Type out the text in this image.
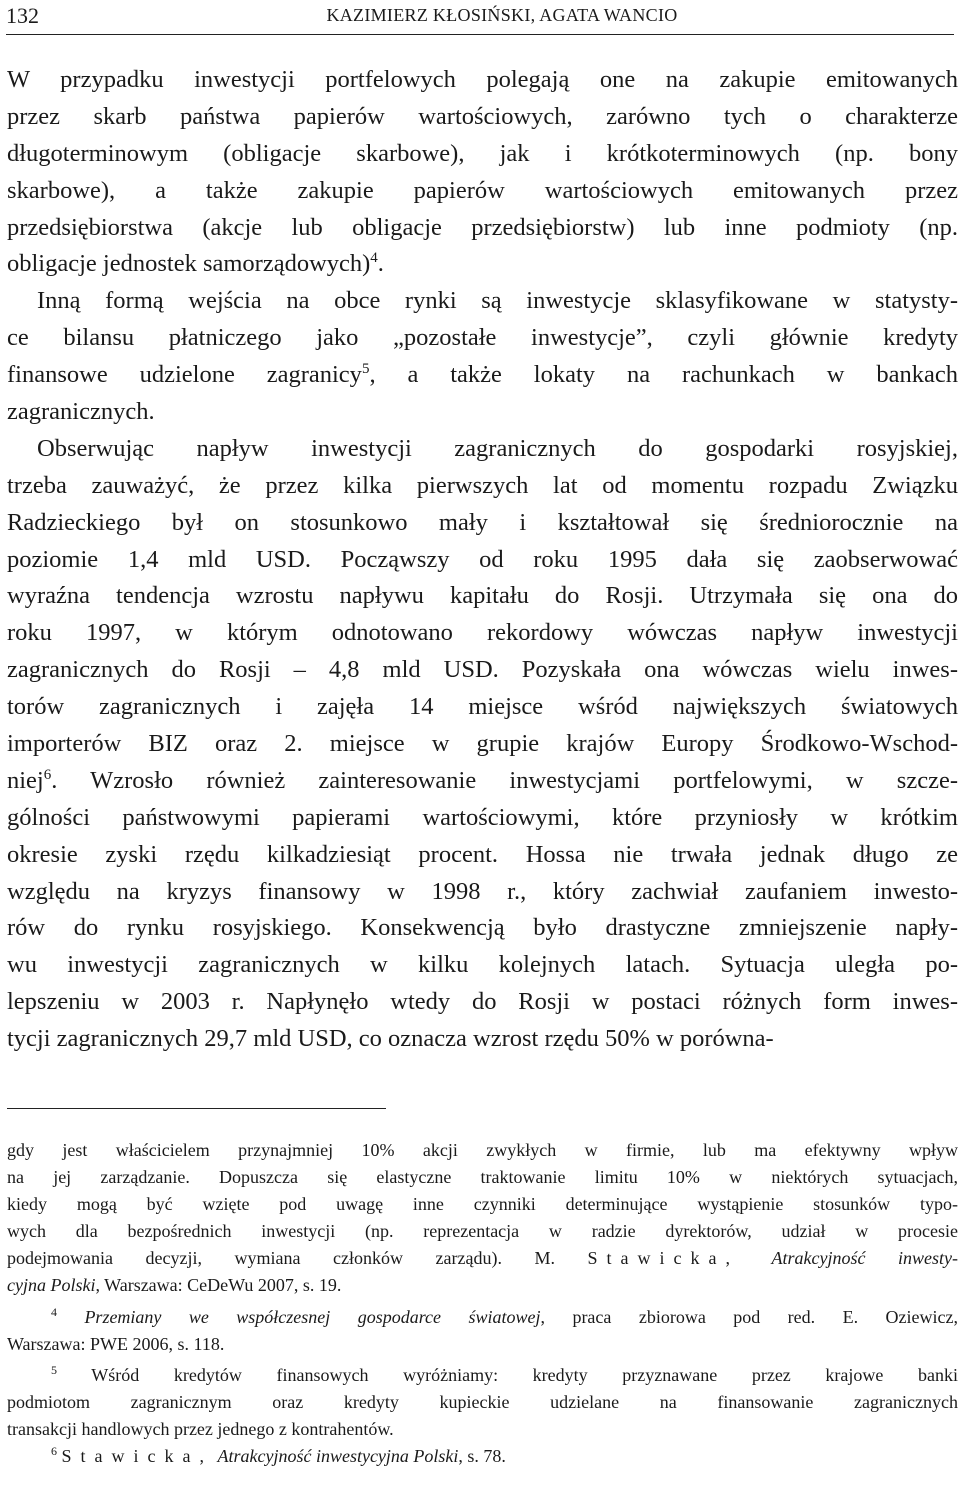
132	KAZIMIERZ KŁOSIŃSKI, AGATA WANCIO
W przypadku inwestycji portfelowych polegają one na zakupie emitowanych
przez skarb państwa papierów wartościowych, zarówno tych o charakterze
długoterminowym (obligacje skarbowe), jak i krótkoterminowych (np. bony
skarbowe), a także zakupie papierów wartościowych emitowanych przez
przedsiębiorstwa (akcje lub obligacje przedsiębiorstw) lub inne podmioty (np.
obligacje jednostek samorządowych)$^4$.
Inną formą wejścia na obce rynki są inwestycje sklasyfikowane w statysty-
ce bilansu płatniczego jako „pozostałe inwestycje”, czyli głównie kredyty
finansowe udzielone zagranicy$^5$, a także lokaty na rachunkach w bankach
zagranicznych.
Obserwując napływ inwestycji zagranicznych do gospodarki rosyjskiej,
trzeba zauważyć, że przez kilka pierwszych lat od momentu rozpadu Związku
Radzieckiego był on stosunkowo mały i kształtował się średniorocznie na
poziomie 1,4 mld USD. Począwszy od roku 1995 dała się zaobserwować
wyraźna tendencja wzrostu napływu kapitału do Rosji. Utrzymała się ona do
roku 1997, w którym odnotowano rekordowy wówczas napływ inwestycji
zagranicznych do Rosji – 4,8 mld USD. Pozyskała ona wówczas wielu inwes-
torów zagranicznych i zajęła 14 miejsce wśród największych światowych
importerów BIZ oraz 2. miejsce w grupie krajów Europy Środkowo-Wschod-
niej$^6$. Wzrosło również zainteresowanie inwestycjami portfelowymi, w szcze-
gólności państwowymi papierami wartościowymi, które przyniosły w krótkim
okresie zyski rzędu kilkadziesiąt procent. Hossa nie trwała jednak długo ze
względu na kryzys finansowy w 1998 r., który zachwiał zaufaniem inwesto-
rów do rynku rosyjskiego. Konsekwencją było drastyczne zmniejszenie napły-
wu inwestycji zagranicznych w kilku kolejnych latach. Sytuacja uległa po-
lepszeniu w 2003 r. Napłynęło wtedy do Rosji w postaci różnych form inwes-
tycji zagranicznych 29,7 mld USD, co oznacza wzrost rzędu 50% w porówna-
gdy jest właścicielem przynajmniej 10% akcji zwykłych w firmie, lub ma efektywny wpływ
na jej zarządzanie. Dopuszcza się elastyczne traktowanie limitu 10% w niektórych sytuacjach,
kiedy mogą być wzięte pod uwagę inne czynniki determinujące wystąpienie stosunków typo-
wych dla bezpośrednich inwestycji (np. reprezentacja w radzie dyrektorów, udział w procesie
podejmowania decyzji, wymiana członków zarządu). M. Stawicka, Atrakcyjność inwesty-
cyjna Polski, Warszawa: CeDeWu 2007, s. 19.
$^4$ Przemiany we współczesnej gospodarce światowej, praca zbiorowa pod red. E. Oziewicz,
Warszawa: PWE 2006, s. 118.
$^5$ Wśród kredytów finansowych wyróżniamy: kredyty przyznawane przez krajowe banki
podmiotom zagranicznym oraz kredyty kupieckie udzielane na finansowanie zagranicznych
transakcji handlowych przez jednego z kontrahentów.
$^6$ Stawicka, Atrakcyjność inwestycyjna Polski, s. 78.
